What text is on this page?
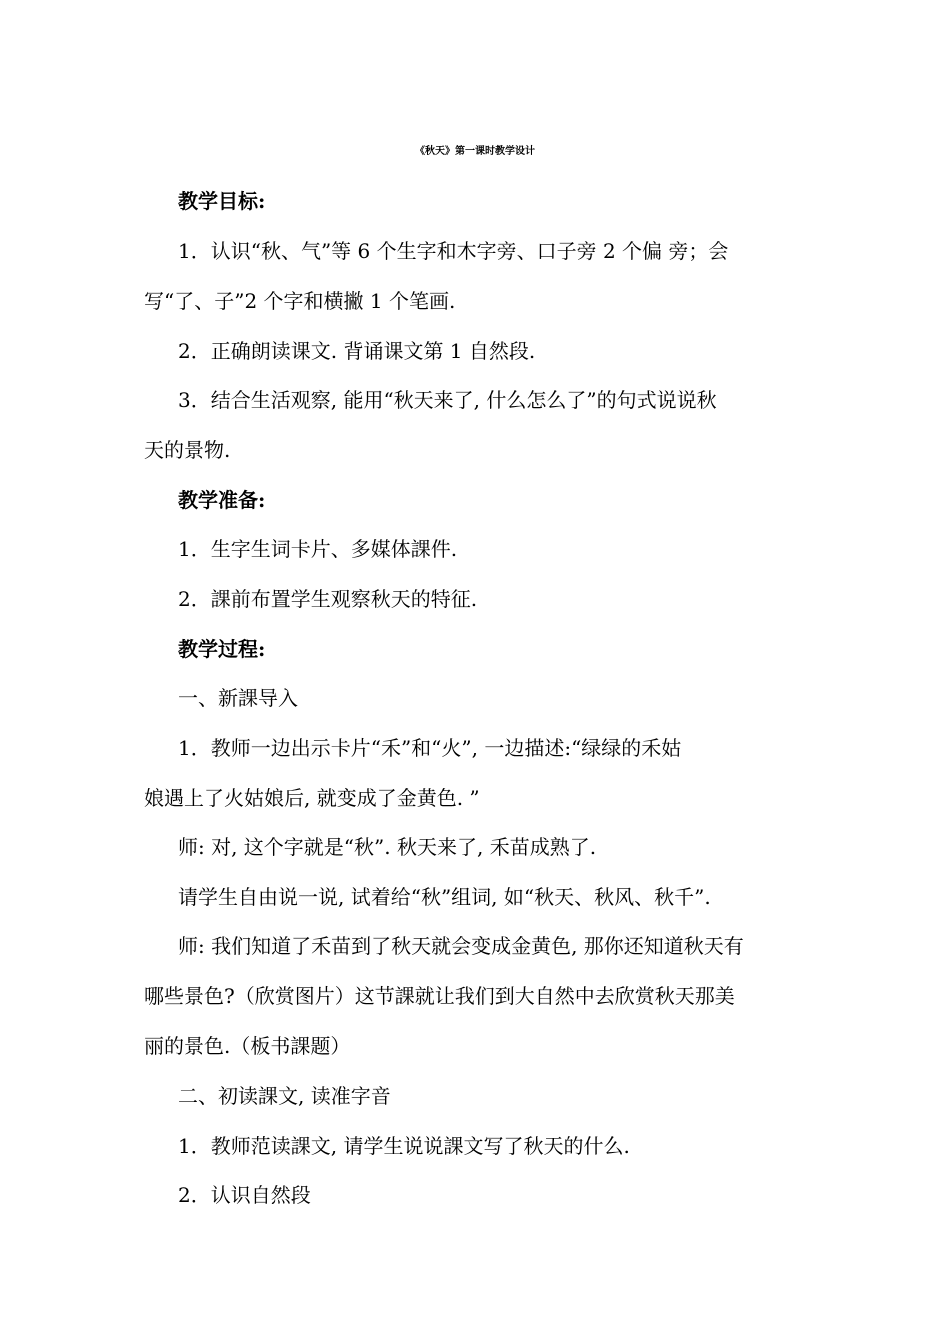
《秋天》第一课时教学设计
教学目标:
1．认识“秋、气”等 6 个生字和木字旁、口子旁 2 个偏 旁；会
写“了、子”2 个字和横撇 1 个笔画.
2．正确朗读课文. 背诵课文第 1 自然段.
3．结合生活观察, 能用“秋天来了, 什么怎么了”的句式说说秋
天的景物.
教学准备:
1．生字生词卡片、多媒体課件.
2．課前布置学生观察秋天的特征.
教学过程:
一、新課导入
1．教师一边出示卡片“禾”和“火”, 一边描述:“绿绿的禾姑
娘遇上了火姑娘后, 就变成了金黄色. ”
师: 对, 这个字就是“秋”. 秋天来了, 禾苗成熟了.
请学生自由说一说, 试着给“秋”组词, 如“秋天、秋风、秋千”.
师: 我们知道了禾苗到了秋天就会变成金黄色, 那你还知道秋天有
哪些景色?（欣赏图片）这节課就让我们到大自然中去欣赏秋天那美
丽的景色.（板书課题）
二、初读課文, 读准字音
1．教师范读課文, 请学生说说課文写了秋天的什么.
2．认识自然段
